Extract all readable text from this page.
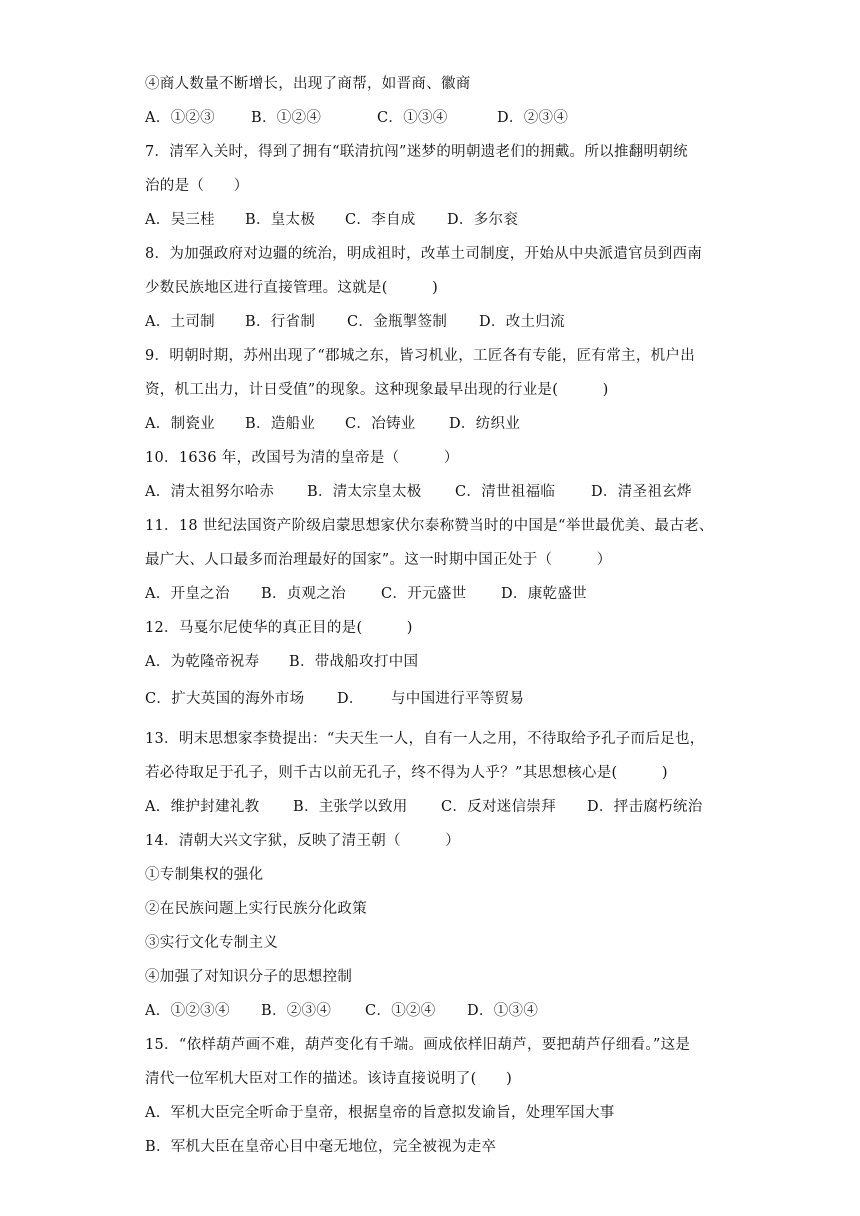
④商人数量不断增长，出现了商帮，如晋商、徽商
A．①②③ B．①②④	C．①③④	D．②③④
7．清军入关时，得到了拥有“联清抗闯”迷梦的明朝遗老们的拥戴。所以推翻明朝统
治的是（　　）
A．吴三桂 B．皇太极 C．李自成 D．多尔衮
8．为加强政府对边疆的统治，明成祖时，改革土司制度，开始从中央派遣官员到西南
少数民族地区进行直接管理。这就是(　　　)
A．土司制 B．行省制 C．金瓶掣签制 D．改土归流
9．明朝时期，苏州出现了“郡城之东，皆习机业，工匠各有专能，匠有常主，机户出
资，机工出力，计日受值”的现象。这种现象最早出现的行业是(　　　)
A．制瓷业 B．造船业 C．冶铸业 D．纺织业
10．1636 年，改国号为清的皇帝是（　　　）
A．清太祖努尔哈赤 B．清太宗皇太极 C．清世祖福临 D．清圣祖玄烨
11．18 世纪法国资产阶级启蒙思想家伏尔泰称赞当时的中国是“举世最优美、最古老、
最广大、人口最多而治理最好的国家”。这一时期中国正处于（　　　）
A．开皇之治 B．贞观之治 C．开元盛世 D．康乾盛世
12．马戛尔尼使华的真正目的是(　　　)
A．为乾隆帝祝寿 B．带战船攻打中国
C．扩大英国的海外市场 D． 与中国进行平等贸易
13．明末思想家李贽提出：“夫天生一人，自有一人之用，不待取给予孔子而后足也，
若必待取足于孔子，则千古以前无孔子，终不得为人乎？”其思想核心是(　　　)
A．维护封建礼教 B．主张学以致用 C．反对迷信崇拜 D．抨击腐朽统治
14．清朝大兴文字狱，反映了清王朝（　　　）
①专制集权的强化
②在民族问题上实行民族分化政策
③实行文化专制主义
④加强了对知识分子的思想控制
A．①②③④ B．②③④ C．①②④ D．①③④
15．“依样葫芦画不难，葫芦变化有千端。画成依样旧葫芦，要把葫芦仔细看。”这是
清代一位军机大臣对工作的描述。该诗直接说明了(　　)
A．军机大臣完全听命于皇帝，根据皇帝的旨意拟发谕旨，处理军国大事
B．军机大臣在皇帝心目中毫无地位，完全被视为走卒
